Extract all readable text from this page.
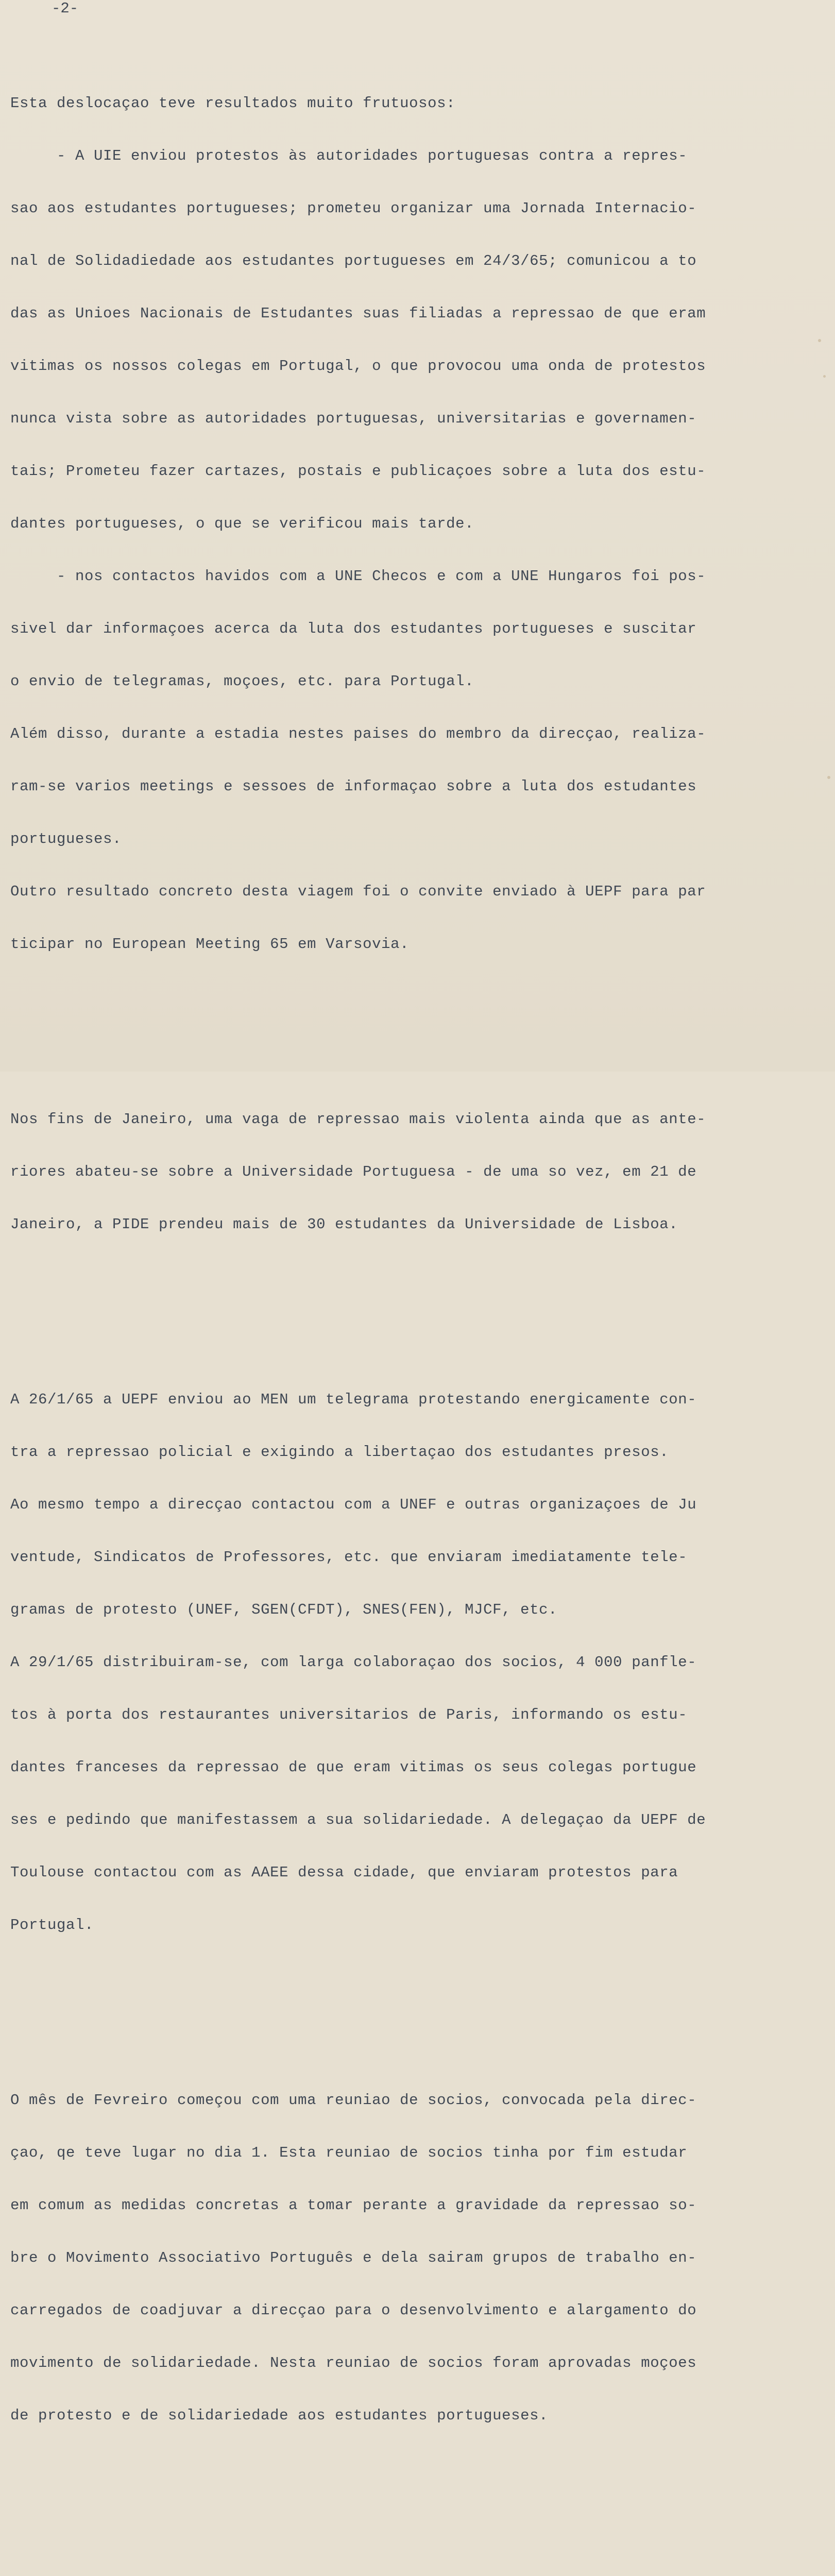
-2-

Esta deslocaçao teve resultados muito frutuosos:

- A UIE enviou protestos às autoridades portuguesas contra a repres-

sao aos estudantes portugueses; prometeu organizar uma Jornada Internacio-

nal de Solidadiedade aos estudantes portugueses em 24/3/65; comunicou a to

das as Unioes Nacionais de Estudantes suas filiadas a repressao de que eram

vitimas os nossos colegas em Portugal, o que provocou uma onda de protestos

nunca vista sobre as autoridades portuguesas, universitarias e governamen-

tais; Prometeu fazer cartazes, postais e publicaçoes sobre a luta dos estu-

dantes portugueses, o que se verificou mais tarde.

- nos contactos havidos com a UNE Checos e com a UNE Hungaros foi pos-

sivel dar informaçoes acerca da luta dos estudantes portugueses e suscitar

o envio de telegramas, moçoes, etc. para Portugal.

Além disso, durante a estadia nestes paises do membro da direcçao, realiza-

ram-se varios meetings e sessoes de informaçao sobre a luta dos estudantes

portugueses.

Outro resultado concreto desta viagem foi o convite enviado à UEPF para par

ticipar no European Meeting 65 em Varsovia.

Nos fins de Janeiro, uma vaga de repressao mais violenta ainda que as ante-

riores abateu-se sobre a Universidade Portuguesa - de uma so vez, em 21 de

Janeiro, a PIDE prendeu mais de 30 estudantes da Universidade de Lisboa.

A 26/1/65 a UEPF enviou ao MEN um telegrama protestando energicamente con-

tra a repressao policial e exigindo a libertaçao dos estudantes presos.

Ao mesmo tempo a direcçao contactou com a UNEF e outras organizaçoes de Ju

ventude, Sindicatos de Professores, etc. que enviaram imediatamente tele-

gramas de protesto (UNEF, SGEN(CFDT), SNES(FEN), MJCF, etc.

A 29/1/65 distribuiram-se, com larga colaboraçao dos socios, 4 000 panfle-

tos à porta dos restaurantes universitarios de Paris, informando os estu-

dantes franceses da repressao de que eram vitimas os seus colegas portugue

ses e pedindo que manifestassem a sua solidariedade. A delegaçao da UEPF de

Toulouse contactou com as AAEE dessa cidade, que enviaram protestos para

Portugal.

O mês de Fevreiro começou com uma reuniao de socios, convocada pela direc-

çao, qe teve lugar no dia 1. Esta reuniao de socios tinha por fim estudar

em comum as medidas concretas a tomar perante a gravidade da repressao so-

bre o Movimento Associativo Português e dela sairam grupos de trabalho en-

carregados de coadjuvar a direcçao para o desenvolvimento e alargamento do

movimento de solidariedade. Nesta reuniao de socios foram aprovadas moçoes

de protesto e de solidariedade aos estudantes portugueses.
